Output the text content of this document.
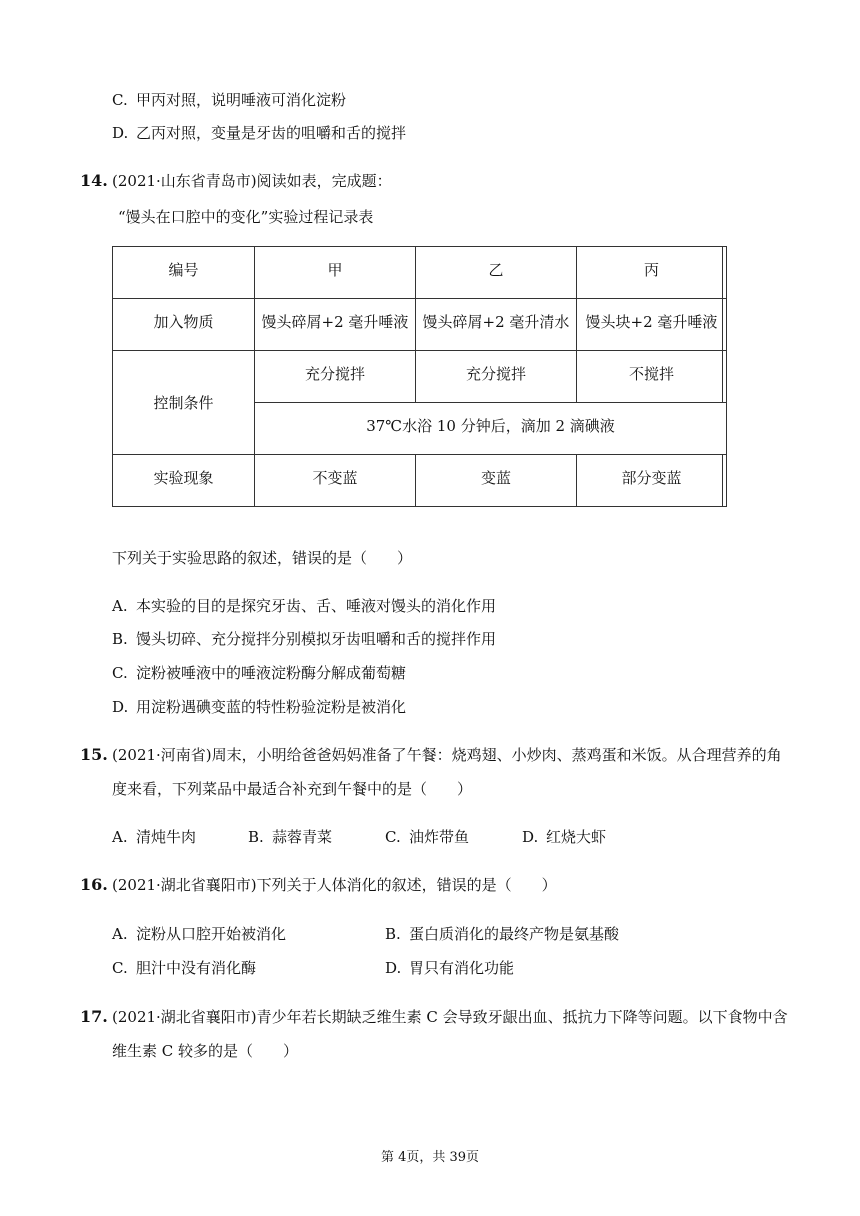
C. 甲丙对照，说明唾液可消化淀粉
D. 乙丙对照，变量是牙齿的咀嚼和舌的搅拌
14. (2021·山东省青岛市)阅读如表，完成题：
“馒头在口腔中的变化”实验过程记录表
编号	甲	乙	丙
加入物质	馒头碎屑+2 毫升唾液	馒头碎屑+2 毫升清水	馒头块+2 毫升唾液
控制条件	充分搅拌	充分搅拌	不搅拌
	37℃水浴 10 分钟后，滴加 2 滴碘液		
实验现象	不变蓝	变蓝	部分变蓝
下列关于实验思路的叙述，错误的是（　　）
A. 本实验的目的是探究牙齿、舌、唾液对馒头的消化作用
B. 馒头切碎、充分搅拌分别模拟牙齿咀嚼和舌的搅拌作用
C. 淀粉被唾液中的唾液淀粉酶分解成葡萄糖
D. 用淀粉遇碘变蓝的特性粉验淀粉是被消化
15. (2021·河南省)周末，小明给爸爸妈妈准备了午餐：烧鸡翅、小炒肉、蒸鸡蛋和米饭。从合理营养的角
度来看，下列菜品中最适合补充到午餐中的是（　　）
A. 清炖牛肉	B. 蒜蓉青菜	C. 油炸带鱼	D. 红烧大虾
16. (2021·湖北省襄阳市)下列关于人体消化的叙述，错误的是（　　）
A. 淀粉从口腔开始被消化	B. 蛋白质消化的最终产物是氨基酸
C. 胆汁中没有消化酶	D. 胃只有消化功能
17. (2021·湖北省襄阳市)青少年若长期缺乏维生素 C 会导致牙龈出血、抵抗力下降等问题。以下食物中含
维生素 C 较多的是（　　）
第 4页，共 39页
